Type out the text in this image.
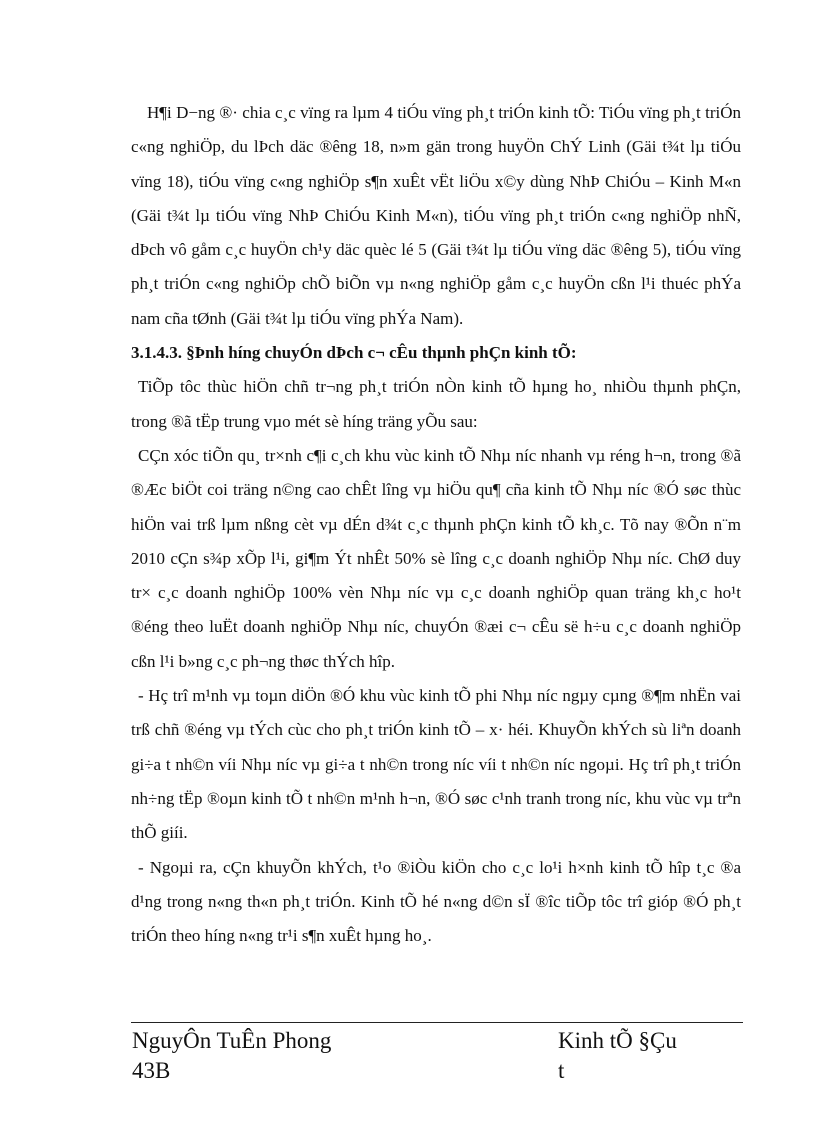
H¶i D−ng ®· chia c¸c vïng ra lµm 4 tiÓu vïng ph¸t triÓn kinh tÕ: TiÓu vïng ph¸t triÓn c«ng nghiÖp, du lÞch däc ®êng 18, n»m gän trong huyÖn ChÝ Linh (Gäi t¾t lµ tiÓu vïng 18), tiÓu vïng c«ng nghiÖp s¶n xuÊt vËt liÖu x©y dùng NhÞ ChiÓu – Kinh M«n (Gäi t¾t lµ tiÓu vïng NhÞ ChiÓu Kinh M«n), tiÓu vïng ph¸t triÓn c«ng nghiÖp nhÑ, dÞch vô gåm c¸c huyÖn ch¹y däc quèc lé 5 (Gäi t¾t lµ tiÓu vïng däc ®êng 5), tiÓu vïng ph¸t triÓn c«ng nghiÖp chÕ biÕn vµ n«ng nghiÖp gåm c¸c huyÖn cßn l¹i thuéc phÝa nam cña tØnh (Gäi t¾t lµ tiÓu vïng phÝa Nam).

3.1.4.3. §Þnh híng chuyÓn dÞch c¬ cÊu thµnh phÇn kinh tÕ:

TiÕp tôc thùc hiÖn chñ tr¬ng ph¸t triÓn nÒn kinh tÕ hµng ho¸ nhiÒu thµnh phÇn, trong ®ã tËp trung vµo mét sè híng träng yÕu sau:

CÇn xóc tiÕn qu¸ tr×nh c¶i c¸ch khu vùc kinh tÕ Nhµ níc nhanh vµ réng h¬n, trong ®ã ®Æc biÖt coi träng n©ng cao chÊt lîng vµ hiÖu qu¶ cña kinh tÕ Nhµ níc ®Ó søc thùc hiÖn vai trß lµm nßng cèt vµ dÉn d¾t c¸c thµnh phÇn kinh tÕ kh¸c. Tõ nay ®Õn n¨m 2010 cÇn s¾p xÕp l¹i, gi¶m Ýt nhÊt 50% sè lîng c¸c doanh nghiÖp Nhµ níc. ChØ duy tr× c¸c doanh nghiÖp 100% vèn Nhµ níc vµ c¸c doanh nghiÖp quan träng kh¸c ho¹t ®éng theo luËt doanh nghiÖp Nhµ níc, chuyÓn ®æi c¬ cÊu së h÷u c¸c doanh nghiÖp cßn l¹i b»ng c¸c ph¬ng thøc thÝch hîp.

- Hç trî m¹nh vµ toµn diÖn ®Ó khu vùc kinh tÕ phi Nhµ níc ngµy cµng ®¶m nhËn vai trß chñ ®éng vµ tÝch cùc cho ph¸t triÓn kinh tÕ – x· héi. KhuyÕn khÝch sù liªn doanh gi÷a t nh©n víi Nhµ níc vµ gi÷a t nh©n trong níc víi t nh©n níc ngoµi. Hç trî ph¸t triÓn nh÷ng tËp ®oµn kinh tÕ t nh©n m¹nh h¬n, ®Ó søc c¹nh tranh trong níc, khu vùc vµ trªn thÕ giíi.

- Ngoµi ra, cÇn khuyÕn khÝch, t¹o ®iÒu kiÖn cho c¸c lo¹i h×nh kinh tÕ hîp t¸c ®a d¹ng trong n«ng th«n ph¸t triÓn. Kinh tÕ hé n«ng d©n sÏ ®îc tiÕp tôc trî gióp ®Ó ph¸t triÓn theo híng n«ng tr¹i s¶n xuÊt hµng ho¸.

NguyÔn TuÊn Phong
43B
Kinh tÕ §Çu t
